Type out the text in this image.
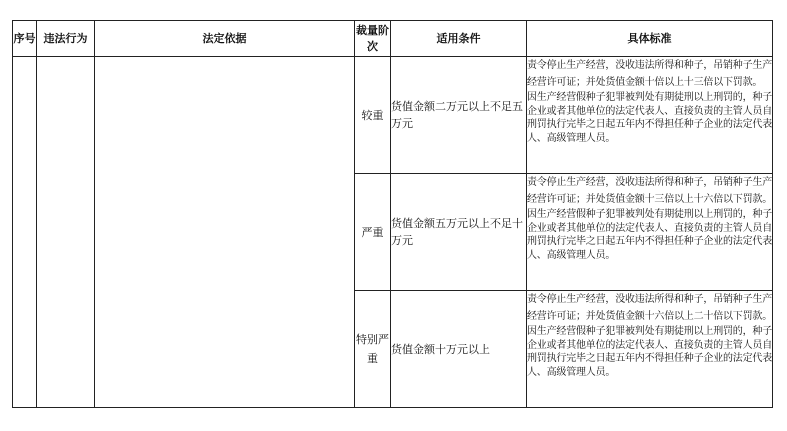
序号	违法行为	法定依据	裁量阶次	适用条件	具体标准
			较重	货值金额二万元以上不足五万元	责令停止生产经营，没收违法所得和种子，吊销种子生产经营许可证；并处货值金额十倍以上十三倍以下罚款。

因生产经营假种子犯罪被判处有期徒刑以上刑罚的，种子企业或者其他单位的法定代表人、直接负责的主管人员自刑罚执行完毕之日起五年内不得担任种子企业的法定代表人、高级管理人员。

			严重	货值金额五万元以上不足十万元	责令停止生产经营，没收违法所得和种子，吊销种子生产经营许可证；并处货值金额十三倍以上十六倍以下罚款。

因生产经营假种子犯罪被判处有期徒刑以上刑罚的，种子企业或者其他单位的法定代表人、直接负责的主管人员自刑罚执行完毕之日起五年内不得担任种子企业的法定代表人、高级管理人员。

			特别严重	货值金额十万元以上	责令停止生产经营，没收违法所得和种子，吊销种子生产经营许可证；并处货值金额十六倍以上二十倍以下罚款。

因生产经营假种子犯罪被判处有期徒刑以上刑罚的，种子企业或者其他单位的法定代表人、直接负责的主管人员自刑罚执行完毕之日起五年内不得担任种子企业的法定代表人、高级管理人员。
